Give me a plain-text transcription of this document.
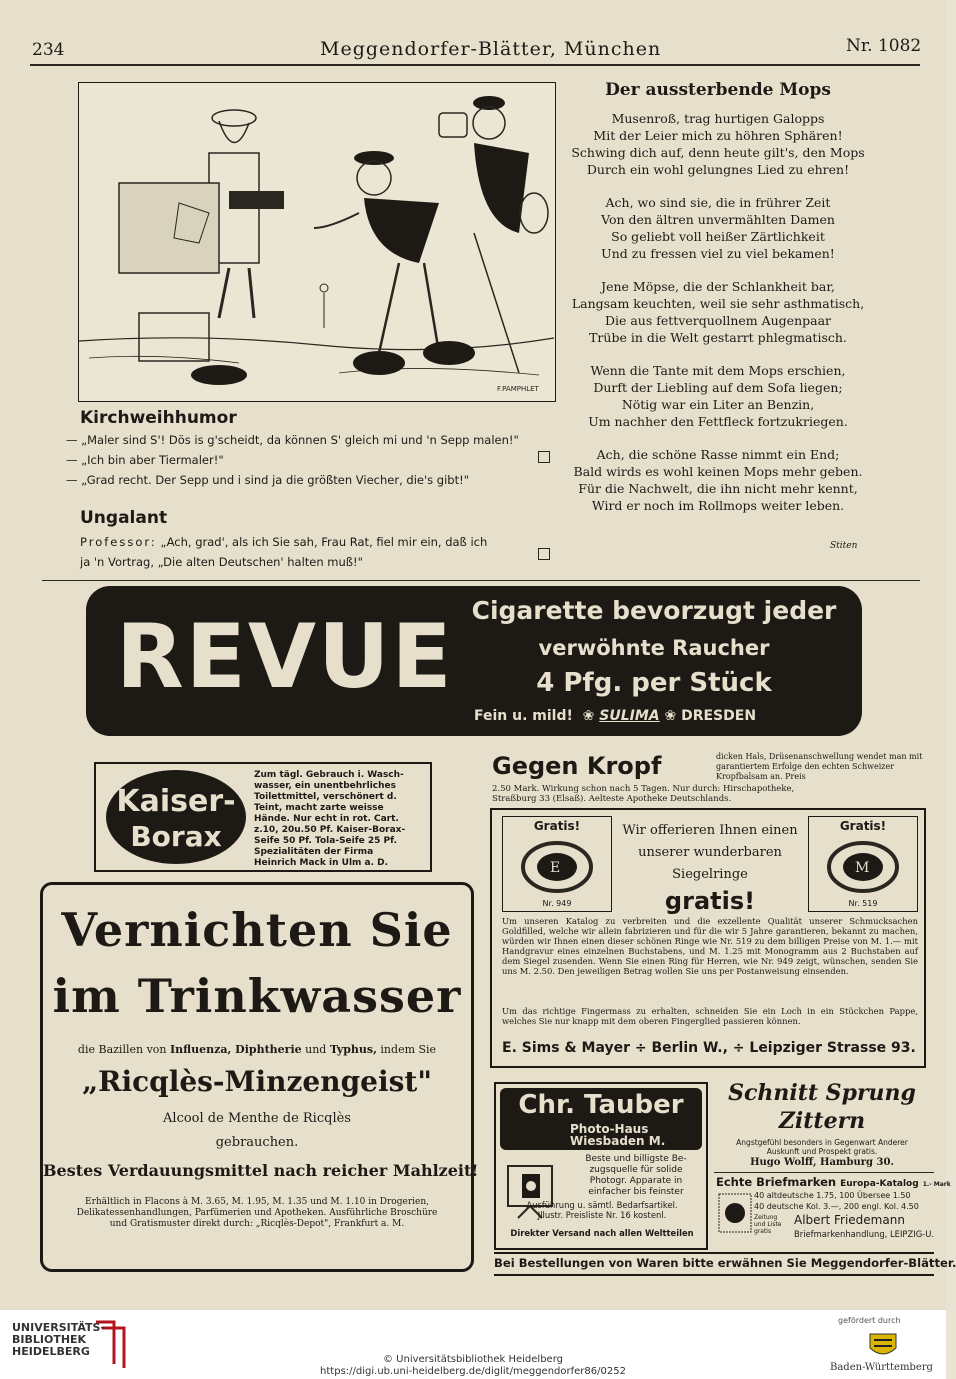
234	Meggendorfer-Blätter, München	Nr. 1082
F.PAMPHLET
Kirchweihhumor
— „Maler sind S'! Dös is g'scheidt, da können S' gleich mi und 'n Sepp malen!"
— „Ich bin aber Tiermaler!"
— „Grad recht. Der Sepp und i sind ja die größten Viecher, die's gibt!"
Ungalant
Professor: „Ach, grad', als ich Sie sah, Frau Rat, fiel mir ein, daß ich
ja 'n Vortrag, „Die alten Deutschen' halten muß!"
Der aussterbende Mops
Musenroß, trag hurtigen Galopps
Mit der Leier mich zu höhren Sphären!
Schwing dich auf, denn heute gilt's, den Mops
Durch ein wohl gelungnes Lied zu ehren!
Ach, wo sind sie, die in frührer Zeit
Von den ältren unvermählten Damen
So geliebt voll heißer Zärtlichkeit
Und zu fressen viel zu viel bekamen!
Jene Möpse, die der Schlankheit bar,
Langsam keuchten, weil sie sehr asthmatisch,
Die aus fettverquollnem Augenpaar
Trübe in die Welt gestarrt phlegmatisch.
Wenn die Tante mit dem Mops erschien,
Durft der Liebling auf dem Sofa liegen;
Nötig war ein Liter an Benzin,
Um nachher den Fettfleck fortzukriegen.
Ach, die schöne Rasse nimmt ein End;
Bald wirds es wohl keinen Mops mehr geben.
Für die Nachwelt, die ihn nicht mehr kennt,
Wird er noch im Rollmops weiter leben.
Stiten
REVUE Cigarette bevorzugt jeder
verwöhnte Raucher
4 Pfg. per Stück
Fein u. mild!  ❀ SULIMA ❀ DRESDEN
Kaiser-
Borax
Zum tägl. Gebrauch i. Wasch-
wasser, ein unentbehrliches
Toilettmittel, verschönert d.
Teint, macht zarte weisse
Hände. Nur echt in rot. Cart.
z.10, 20u.50 Pf. Kaiser-Borax-
Seife 50 Pf. Tola-Seife 25 Pf.
Spezialitäten der Firma
Heinrich Mack in Ulm a. D.
Gegen Kropf	dicken Hals, Drüsenanschwellung wendet man mit garantiertem Erfolge den echten Schweizer Kropfbalsam an. Preis
2.50 Mark. Wirkung schon nach 5 Tagen. Nur durch: Hirschapotheke,
Straßburg 33 (Elsaß). Aelteste Apotheke Deutschlands.
Gratis!
E
Nr. 949
Wir offerieren Ihnen einen
unserer wunderbaren Siegelringe
gratis!
Gratis!
M
Nr. 519
Um unseren Katalog zu verbreiten und die exzellente Qualität unserer Schmucksachen Goldfilled, welche wir allein fabrizieren und für die wir 5 Jahre garantieren, bekannt zu machen, würden wir Ihnen einen dieser schönen Ringe wie Nr. 519 zu dem billigen Preise von M. 1.— mit Handgravur eines einzelnen Buchstabens, und M. 1.25 mit Monogramm aus 2 Buchstaben auf dem Siegel zusenden. Wenn Sie einen Ring für Herren, wie Nr. 949 zeigt, wünschen, senden Sie uns M. 2.50. Den jeweiligen Betrag wollen Sie uns per Postanweisung einsenden.
Um das richtige Fingermass zu erhalten, schneiden Sie ein Loch in ein Stückchen Pappe, welches Sie nur knapp mit dem oberen Fingerglied passieren können.
E. Sims & Mayer ÷ Berlin W., ÷ Leipziger Strasse 93.
Vernichten Sie
im Trinkwasser
die Bazillen von Influenza, Diphtherie und Typhus, indem Sie
„Ricqlès-Minzengeist"
Alcool de Menthe de Ricqlès
gebrauchen.
Bestes Verdauungsmittel nach reicher Mahlzeit!
Erhältlich in Flacons à M. 3.65, M. 1.95, M. 1.35 und M. 1.10 in Drogerien,
Delikatessenhandlungen, Parfümerien und Apotheken. Ausführliche Broschüre
und Gratismuster direkt durch: „Ricqlès-Depot", Frankfurt a. M.
Chr. Tauber
Photo-Haus
Wiesbaden M.
Beste und billigste Be-
zugsquelle für solide
Photogr. Apparate in
einfacher bis feinster
Ausführung u. sämtl. Bedarfsartikel.
Jllustr. Preisliste Nr. 16 kostenl.
Direkter Versand nach allen Weltteilen
Schnitt Sprung
Zittern
Angstgefühl besonders in Gegenwart Anderer
Auskunft und Prospekt gratis.
Hugo Wolff, Hamburg 30.
Echte Briefmarken Europa-Katalog 1.- Mark
40 altdeutsche 1.75, 100 Übersee 1.50
40 deutsche Kol. 3.—, 200 engl. Kol. 4.50
Zeitung und Liste gratis
Albert Friedemann
Briefmarkenhandlung, LEIPZIG-U.
Bei Bestellungen von Waren bitte erwähnen Sie Meggendorfer-Blätter.
UNIVERSITÄTS-
BIBLIOTHEK
HEIDELBERG
© Universitätsbibliothek Heidelberg
https://digi.ub.uni-heidelberg.de/diglit/meggendorfer86/0252
gefördert durch
Baden-Württemberg
